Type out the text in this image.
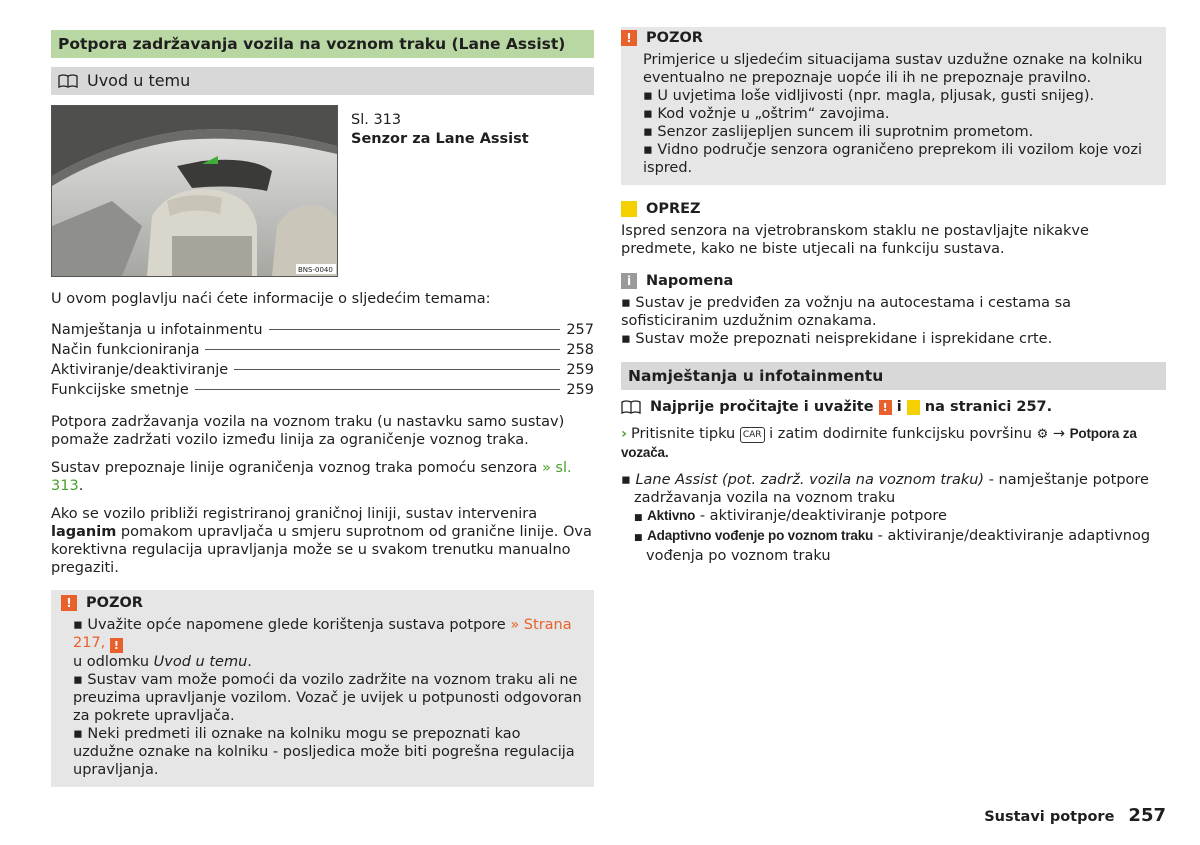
Potpora zadržavanja vozila na voznom traku (Lane Assist)
Uvod u temu
BNS-0040
Sl. 313
Senzor za Lane Assist

U ovom poglavlju naći ćete informacije o sljedećim temama:

Namještanja u infotainmentu	257
Način funkcioniranja	258
Aktiviranje/deaktiviranje	259
Funkcijske smetnje	259

Potpora zadržavanja vozila na voznom traku (u nastavku samo sustav) pomaže zadržati vozilo između linija za ograničenje voznog traka.

Sustav prepoznaje linije ograničenja voznog traka pomoću senzora » sl. 313.

Ako se vozilo približi registriranoj graničnoj liniji, sustav intervenira laganim pomakom upravljača u smjeru suprotnom od granične linije. Ova korektivna regulacija upravljanja može se u svakom trenutku manualno pregaziti.

! POZOR

▪ Uvažite opće napomene glede korištenja sustava potpore » Strana 217, !
u odlomku Uvod u temu.

▪ Sustav vam može pomoći da vozilo zadržite na voznom traku ali ne preuzima upravljanje vozilom. Vozač je uvijek u potpunosti odgovoran za pokrete upravljača.

▪ Neki predmeti ili oznake na kolniku mogu se prepoznati kao uzdužne oznake na kolniku - posljedica može biti pogrešna regulacija upravljanja.

! POZOR

Primjerice u sljedećim situacijama sustav uzdužne oznake na kolniku eventualno ne prepoznaje uopće ili ih ne prepoznaje pravilno.

▪ U uvjetima loše vidljivosti (npr. magla, pljusak, gusti snijeg).

▪ Kod vožnje u „oštrim“ zavojima.

▪ Senzor zaslijepljen suncem ili suprotnim prometom.

▪ Vidno područje senzora ograničeno preprekom ili vozilom koje vozi ispred.

! OPREZ

Ispred senzora na vjetrobranskom staklu ne postavljajte nikakve predmete, kako ne biste utjecali na funkciju sustava.

i	Napomena

▪ Sustav je predviđen za vožnju na autocestama i cestama sa sofisticiranim uzdužnim oznakama.

▪ Sustav može prepoznati neisprekidane i isprekidane crte.

Namještanja u infotainmentu

Najprije pročitajte i uvažite
!
i
!
na stranici 257.

› Pritisnite tipku CAR i zatim dodirnite funkcijsku površinu ⚙ → Potpora za vozača.

▪ Lane Assist (pot. zadrž. vozila na voznom traku) - namještanje potpore zadržavanja vozila na voznom traku

■ Aktivno - aktiviranje/deaktiviranje potpore

■ Adaptivno vođenje po voznom traku - aktiviranje/deaktiviranje adaptivnog vođenja po voznom traku

Sustavi potpore 257
